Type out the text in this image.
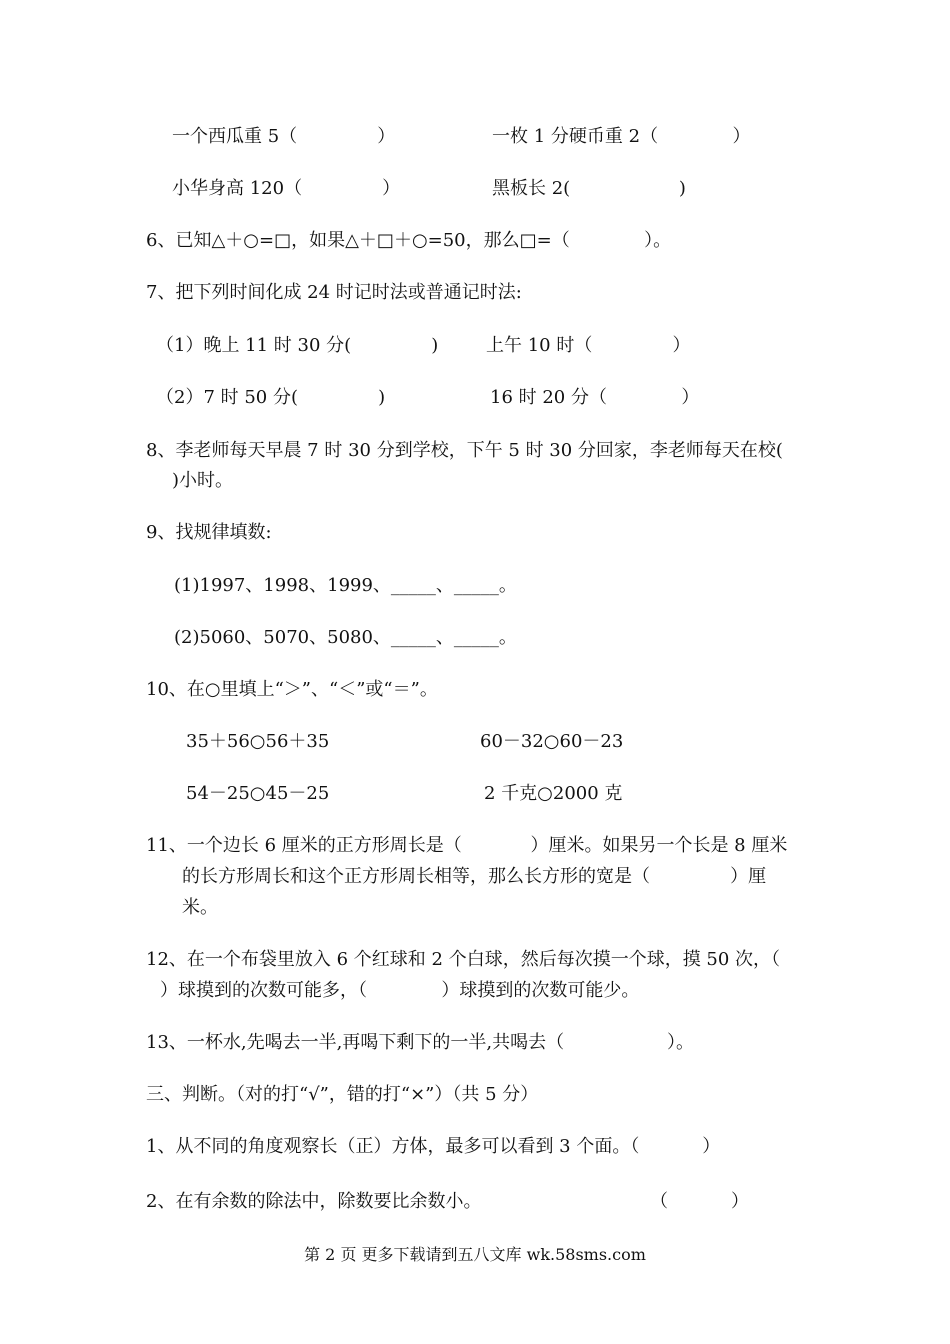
一个西瓜重 5（              ）	一枚 1 分硬币重 2（             ）
小华身高 120（              ）	黑板长 2(                   )
6、已知△＋○=□，如果△＋□＋○=50，那么□=（             ）。
7、把下列时间化成 24 时记时法或普通记时法:
（1）晚上 11 时 30 分(              )	上午 10 时（              ）
（2）7 时 50 分(              )	16 时 20 分（             ）
8、李老师每天早晨 7 时 30 分到学校，下午 5 时 30 分回家，李老师每天在校(
)小时。
9、找规律填数:
(1)1997、1998、1999、_____、_____。
(2)5060、5070、5080、_____、_____。
10、在○里填上“＞”、“＜”或“＝”。
35＋56○56＋35	60－32○60－23
54－25○45－25	2 千克○2000 克
11、一个边长 6 厘米的正方形周长是（            ）厘米。如果另一个长是 8 厘米
的长方形周长和这个正方形周长相等，那么长方形的宽是（              ）厘
米。
12、在一个布袋里放入 6 个红球和 2 个白球，然后每次摸一个球，摸 50 次，（
）球摸到的次数可能多，（             ）球摸到的次数可能少。
13、一杯水,先喝去一半,再喝下剩下的一半,共喝去（                  ）。
三、判断。（对的打“√”，错的打“×”）（共 5 分）
1、从不同的角度观察长（正）方体，最多可以看到 3 个面。（           ）
2、在有余数的除法中，除数要比余数小。	（           ）
第 2 页 更多下载请到五八文库 wk.58sms.com
